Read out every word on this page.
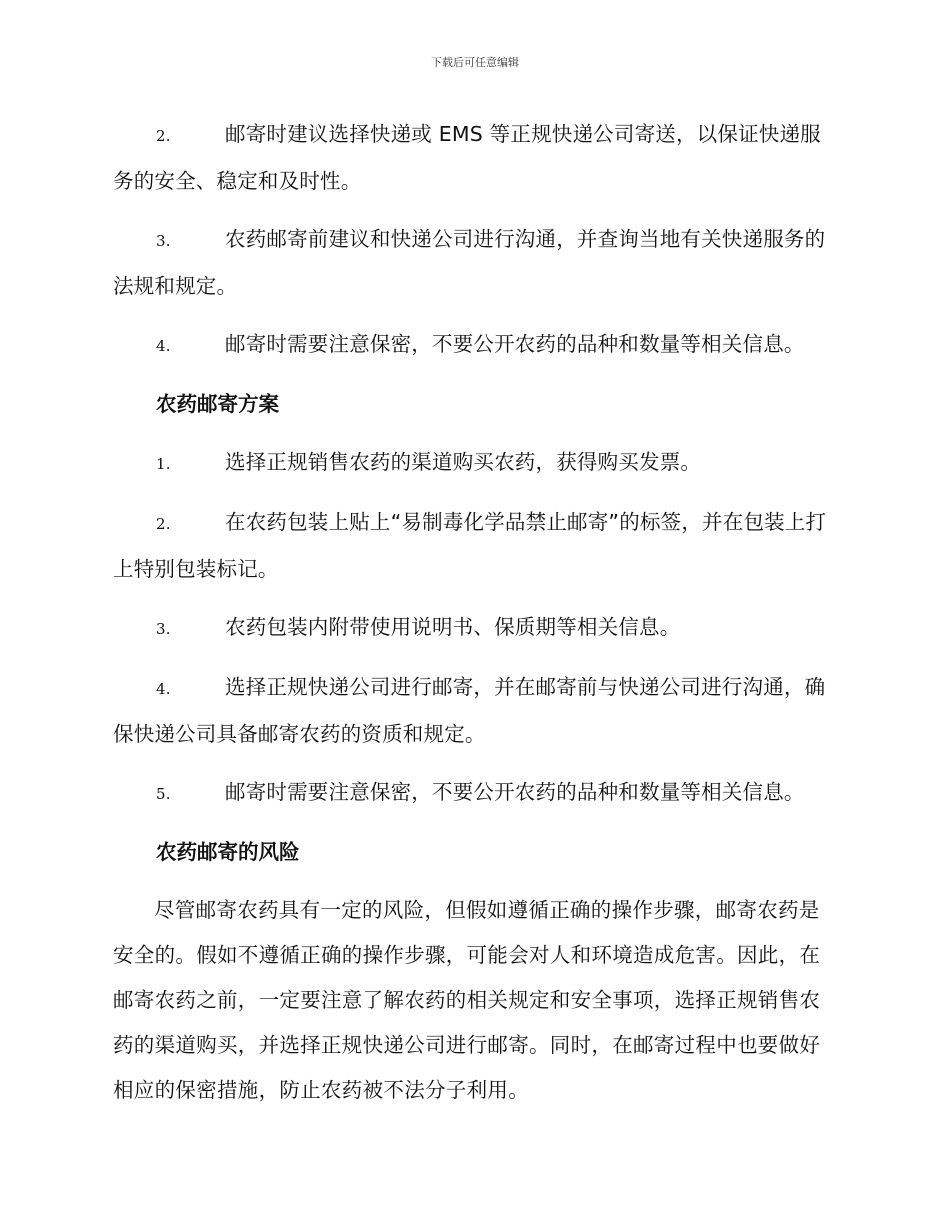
下载后可任意编辑
2.	邮寄时建议选择快递或 EMS 等正规快递公司寄送，以保证快递服务的安全、稳定和及时性。
3.	农药邮寄前建议和快递公司进行沟通，并查询当地有关快递服务的法规和规定。
4.	邮寄时需要注意保密，不要公开农药的品种和数量等相关信息。
农药邮寄方案
1.	选择正规销售农药的渠道购买农药，获得购买发票。
2.	在农药包装上贴上“易制毒化学品禁止邮寄”的标签，并在包装上打上特别包装标记。
3.	农药包装内附带使用说明书、保质期等相关信息。
4.	选择正规快递公司进行邮寄，并在邮寄前与快递公司进行沟通，确保快递公司具备邮寄农药的资质和规定。
5.	邮寄时需要注意保密，不要公开农药的品种和数量等相关信息。
农药邮寄的风险

尽管邮寄农药具有一定的风险，但假如遵循正确的操作步骤，邮寄农药是安全的。假如不遵循正确的操作步骤，可能会对人和环境造成危害。因此，在邮寄农药之前，一定要注意了解农药的相关规定和安全事项，选择正规销售农药的渠道购买，并选择正规快递公司进行邮寄。同时，在邮寄过程中也要做好相应的保密措施，防止农药被不法分子利用。
